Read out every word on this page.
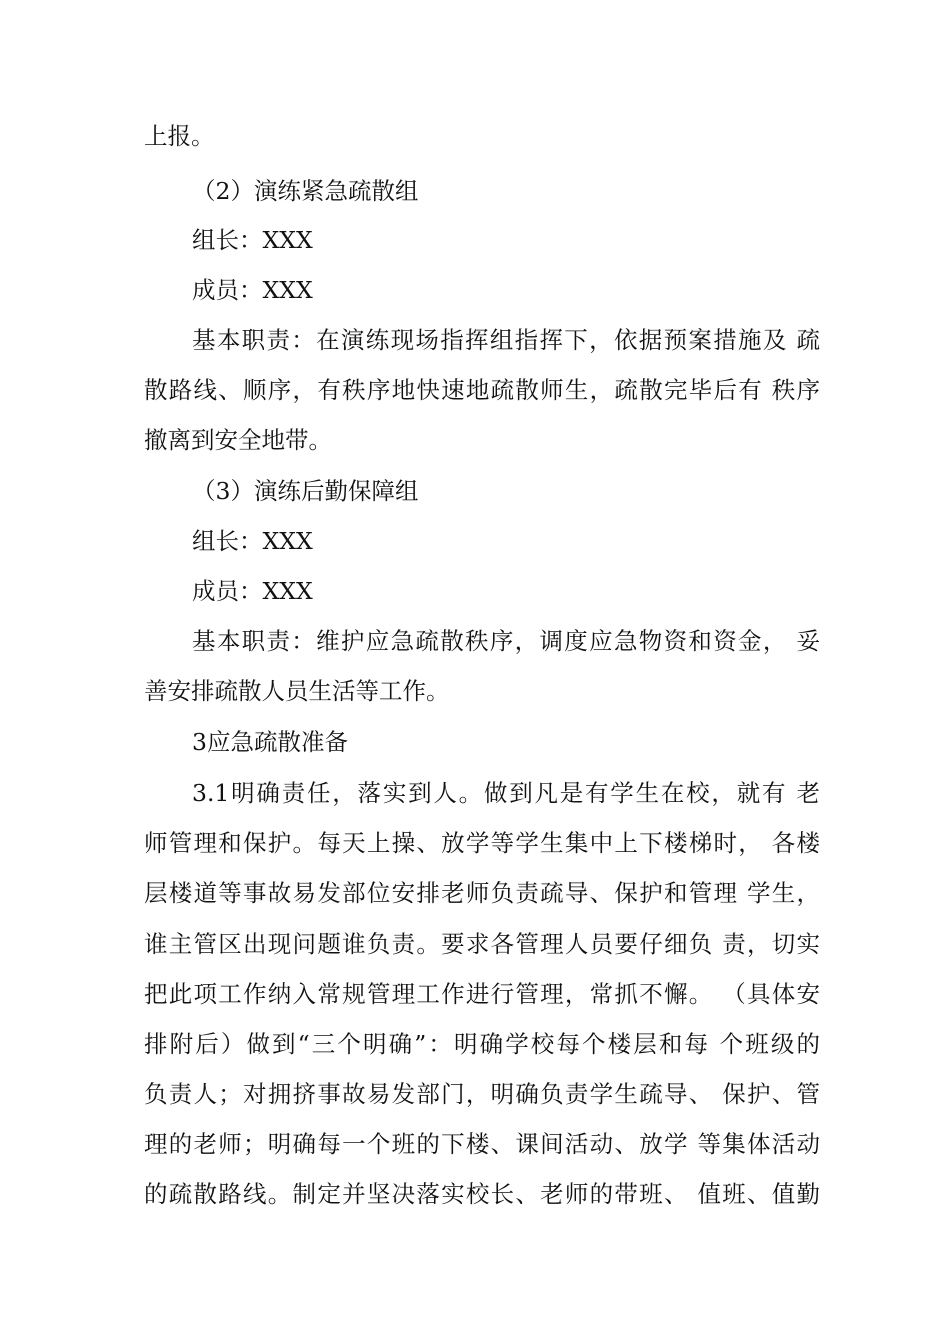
上报。
（2）演练紧急疏散组
组长：XXX
成员：XXX
基本职责：在演练现场指挥组指挥下，依据预案措施及 疏
散路线、顺序，有秩序地快速地疏散师生，疏散完毕后有 秩序
撤离到安全地带。
（3）演练后勤保障组
组长：XXX
成员：XXX
基本职责：维护应急疏散秩序，调度应急物资和资金， 妥
善安排疏散人员生活等工作。
3应急疏散准备
3.1明确责任，落实到人。做到凡是有学生在校，就有 老
师管理和保护。每天上操、放学等学生集中上下楼梯时， 各楼
层楼道等事故易发部位安排老师负责疏导、保护和管理 学生，
谁主管区出现问题谁负责。要求各管理人员要仔细负 责，切实
把此项工作纳入常规管理工作进行管理，常抓不懈。 （具体安
排附后）做到“三个明确”：明确学校每个楼层和每 个班级的
负责人；对拥挤事故易发部门，明确负责学生疏导、 保护、管
理的老师；明确每一个班的下楼、课间活动、放学 等集体活动
的疏散路线。制定并坚决落实校长、老师的带班、 值班、值勤
